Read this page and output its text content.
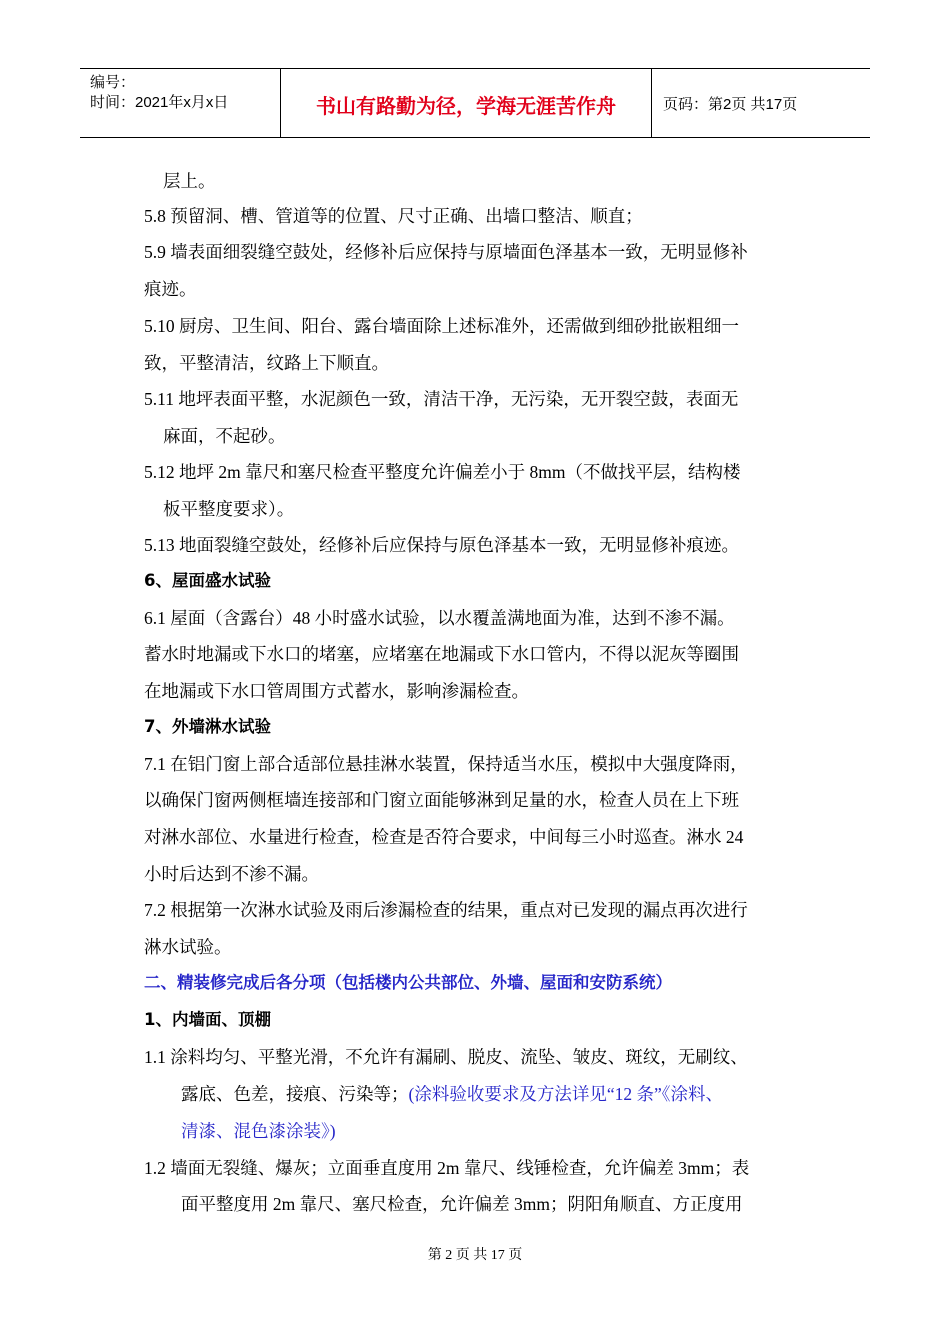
编号：
时间：2021年x月x日	书山有路勤为径，学海无涯苦作舟	页码：第2页 共17页
层上。
5.8 预留洞、槽、管道等的位置、尺寸正确、出墙口整洁、顺直；
5.9 墙表面细裂缝空鼓处，经修补后应保持与原墙面色泽基本一致，无明显修补
痕迹。
5.10 厨房、卫生间、阳台、露台墙面除上述标准外，还需做到细砂批嵌粗细一
致，平整清洁，纹路上下顺直。
5.11 地坪表面平整，水泥颜色一致，清洁干净，无污染，无开裂空鼓，表面无
麻面，不起砂。
5.12 地坪 2m 靠尺和塞尺检查平整度允许偏差小于 8mm（不做找平层，结构楼
板平整度要求）。
5.13 地面裂缝空鼓处，经修补后应保持与原色泽基本一致，无明显修补痕迹。
6、屋面盛水试验
6.1 屋面（含露台）48 小时盛水试验，以水覆盖满地面为准，达到不渗不漏。
蓄水时地漏或下水口的堵塞，应堵塞在地漏或下水口管内，不得以泥灰等圈围
在地漏或下水口管周围方式蓄水，影响渗漏检查。
7、外墙淋水试验
7.1 在铝门窗上部合适部位悬挂淋水装置，保持适当水压，模拟中大强度降雨，
以确保门窗两侧框墙连接部和门窗立面能够淋到足量的水，检查人员在上下班
对淋水部位、水量进行检查，检查是否符合要求，中间每三小时巡查。淋水 24
小时后达到不渗不漏。
7.2 根据第一次淋水试验及雨后渗漏检查的结果，重点对已发现的漏点再次进行
淋水试验。
二、精装修完成后各分项（包括楼内公共部位、外墙、屋面和安防系统）
1、内墙面、顶棚
1.1 涂料均匀、平整光滑，不允许有漏刷、脱皮、流坠、皱皮、斑纹，无刷纹、
露底、色差，接痕、污染等；(涂料验收要求及方法详见“12 条”《涂料、
清漆、混色漆涂装》)
1.2 墙面无裂缝、爆灰；立面垂直度用 2m 靠尺、线锤检查，允许偏差 3mm；表
面平整度用 2m 靠尺、塞尺检查，允许偏差 3mm；阴阳角顺直、方正度用
第 2 页 共 17 页
